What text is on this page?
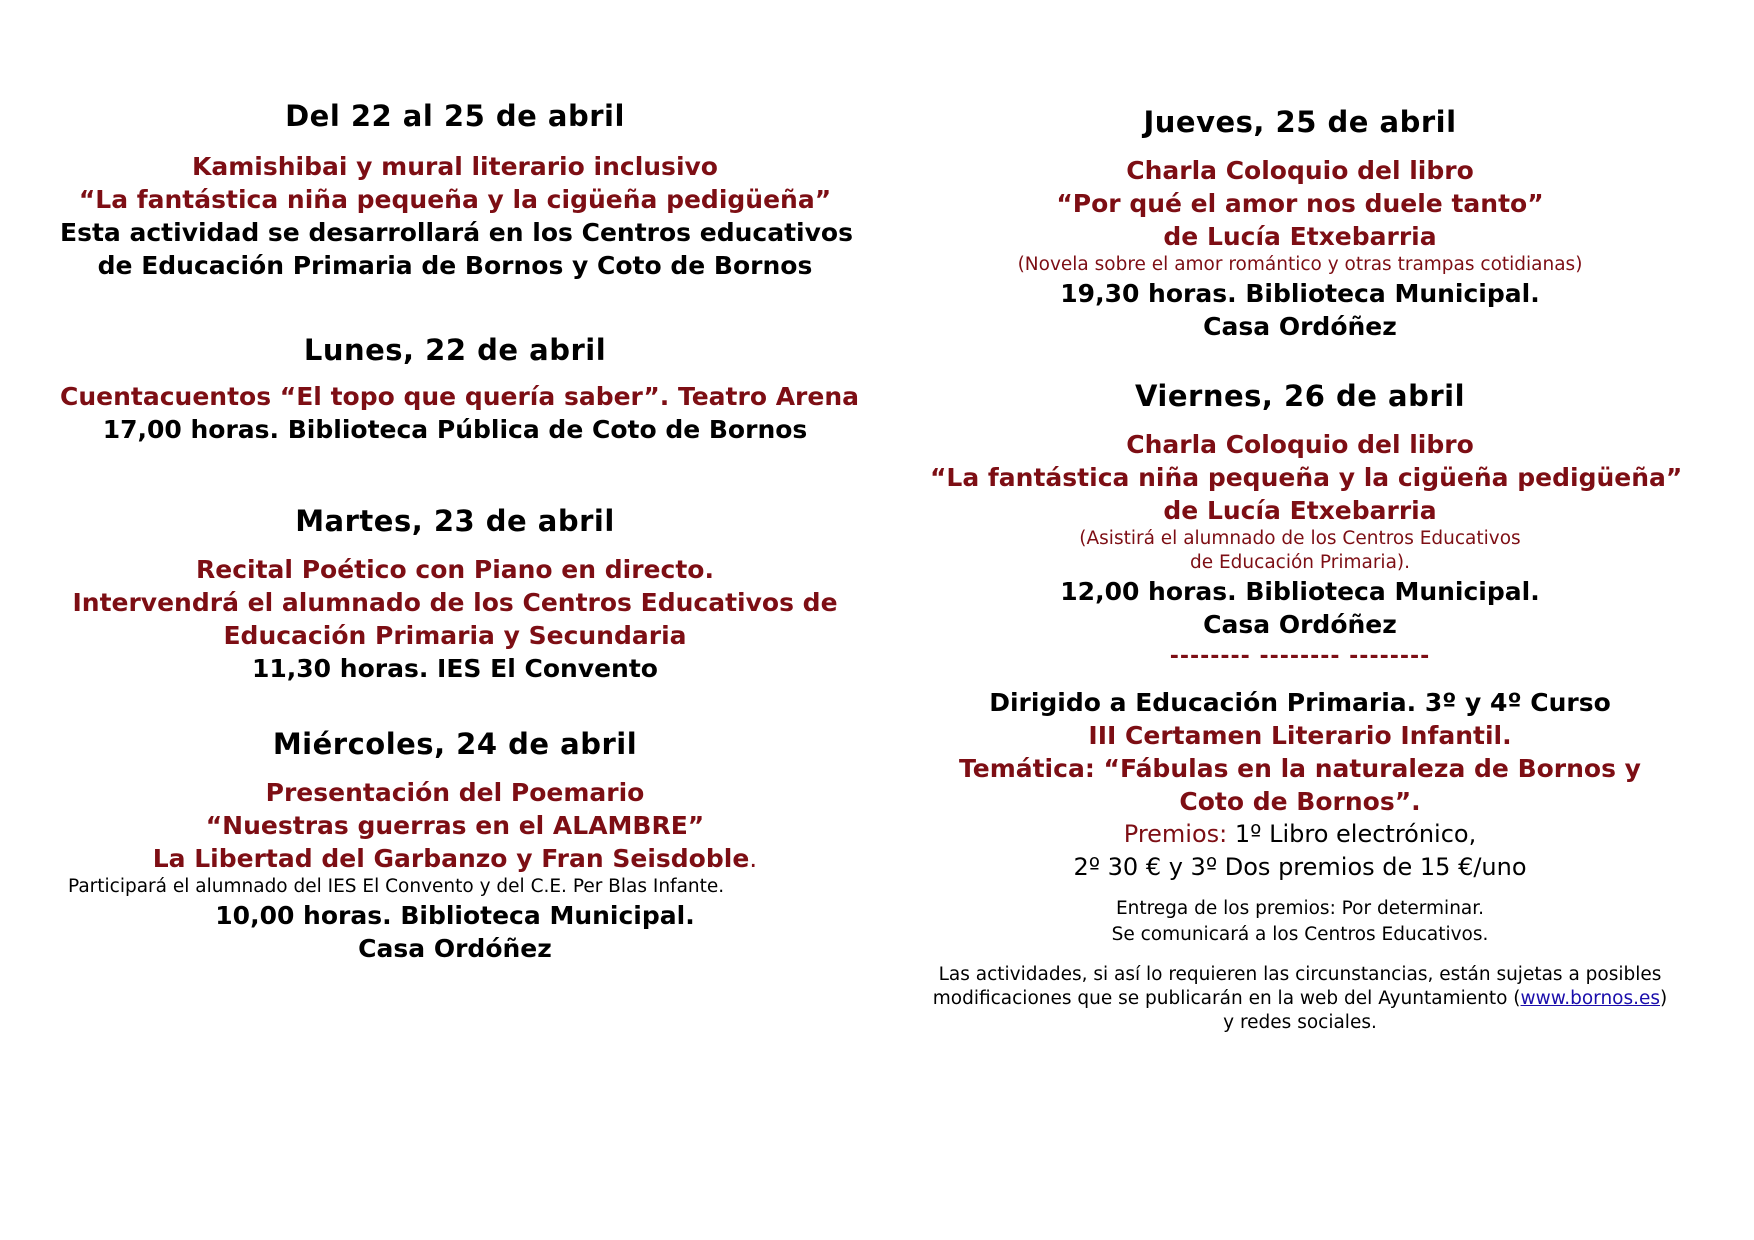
Del 22 al 25 de abril
Kamishibai y mural literario inclusivo
“La fantástica niña pequeña y la cigüeña pedigüeña”
Esta actividad se desarrollará en los Centros educativos
de Educación Primaria de Bornos y Coto de Bornos
Lunes, 22 de abril
Cuentacuentos “El topo que quería saber”. Teatro Arena
17,00 horas. Biblioteca Pública de Coto de Bornos
Martes, 23 de abril
Recital Poético con Piano en directo.
Intervendrá el alumnado de los Centros Educativos de
Educación Primaria y Secundaria
11,30 horas. IES El Convento
Miércoles, 24 de abril
Presentación del Poemario
“Nuestras guerras en el ALAMBRE”
La Libertad del Garbanzo y Fran Seisdoble.
Participará el alumnado del IES El Convento y del C.E. Per Blas Infante.
10,00 horas. Biblioteca Municipal.
Casa Ordóñez
Jueves, 25 de abril
Charla Coloquio del libro
“Por qué el amor nos duele tanto”
de Lucía Etxebarria
(Novela sobre el amor romántico y otras trampas cotidianas)
19,30 horas. Biblioteca Municipal.
Casa Ordóñez
Viernes, 26 de abril
Charla Coloquio del libro
“La fantástica niña pequeña y la cigüeña pedigüeña”
de Lucía Etxebarria
(Asistirá el alumnado de los Centros Educativos
de Educación Primaria).
12,00 horas. Biblioteca Municipal.
Casa Ordóñez
-------- -------- --------
Dirigido a Educación Primaria. 3º y 4º Curso
III Certamen Literario Infantil.
Temática: “Fábulas en la naturaleza de Bornos y
Coto de Bornos”.
Premios: 1º Libro electrónico,
2º 30 € y 3º Dos premios de 15 €/uno
Entrega de los premios: Por determinar.
Se comunicará a los Centros Educativos.
Las actividades, si así lo requieren las circunstancias, están sujetas a posibles
modificaciones que se publicarán en la web del Ayuntamiento (www.bornos.es)
y redes sociales.
